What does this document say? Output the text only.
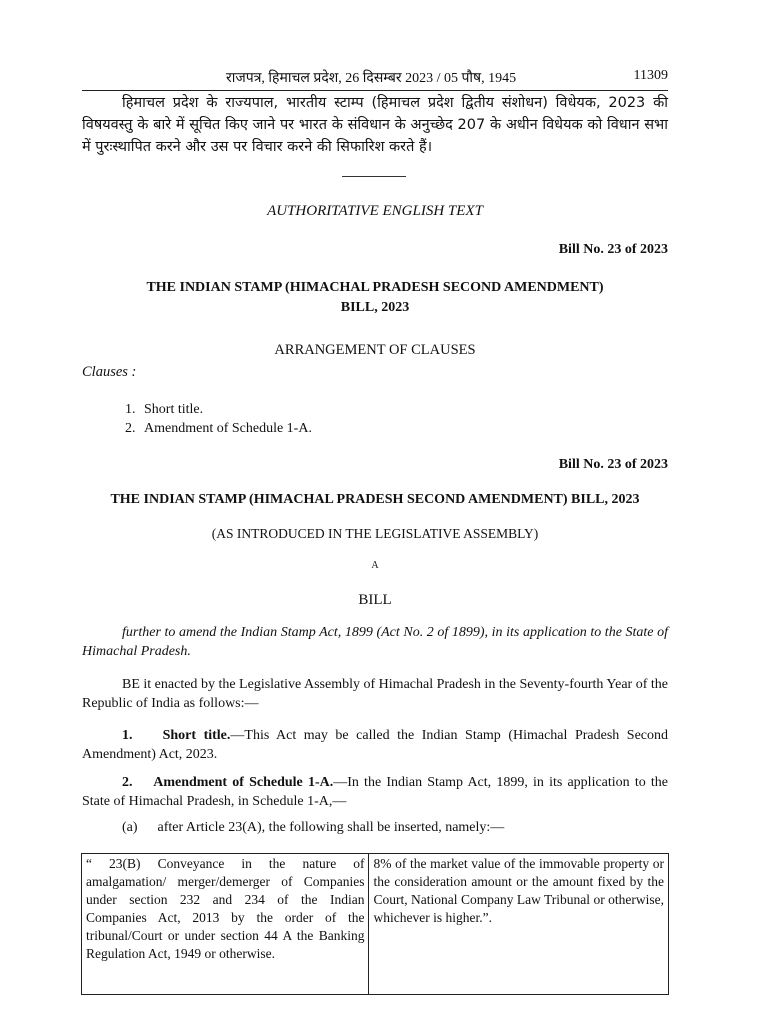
राजपत्र, हिमाचल प्रदेश, 26 दिसम्बर 2023 / 05 पौष, 1945	11309

हिमाचल प्रदेश के राज्यपाल, भारतीय स्टाम्प (हिमाचल प्रदेश द्वितीय संशोधन) विधेयक, 2023 की विषयवस्तु के बारे में सूचित किए जाने पर भारत के संविधान के अनुच्छेद 207 के अधीन विधेयक को विधान सभा में पुरःस्थापित करने और उस पर विचार करने की सिफारिश करते हैं।

AUTHORITATIVE ENGLISH TEXT
Bill No. 23 of 2023
THE INDIAN STAMP (HIMACHAL PRADESH SECOND AMENDMENT)
BILL, 2023
ARRANGEMENT OF CLAUSES
Clauses :
1. Short title.
2. Amendment of Schedule 1-A.
Bill No. 23 of 2023
THE INDIAN STAMP (HIMACHAL PRADESH SECOND AMENDMENT) BILL, 2023
(AS INTRODUCED IN THE LEGISLATIVE ASSEMBLY)
A
BILL

further to amend the Indian Stamp Act, 1899 (Act No. 2 of 1899), in its application to the State of Himachal Pradesh.

BE it enacted by the Legislative Assembly of Himachal Pradesh in the Seventy-fourth Year of the Republic of India as follows:—

1. Short title.—This Act may be called the Indian Stamp (Himachal Pradesh Second Amendment) Act, 2023.

2. Amendment of Schedule 1-A.—In the Indian Stamp Act, 1899, in its application to the State of Himachal Pradesh, in Schedule 1-A,—

(a) after Article 23(A), the following shall be inserted, namely:—
“ 23(B) Conveyance in the nature of amalgamation/ merger/demerger of Companies under section 232 and 234 of the Indian Companies Act, 2013 by the order of the tribunal/Court or under section 44 A the Banking Regulation Act, 1949 or otherwise.	8% of the market value of the immovable property or the consideration amount or the amount fixed by the Court, National Company Law Tribunal or otherwise, whichever is higher.”.
